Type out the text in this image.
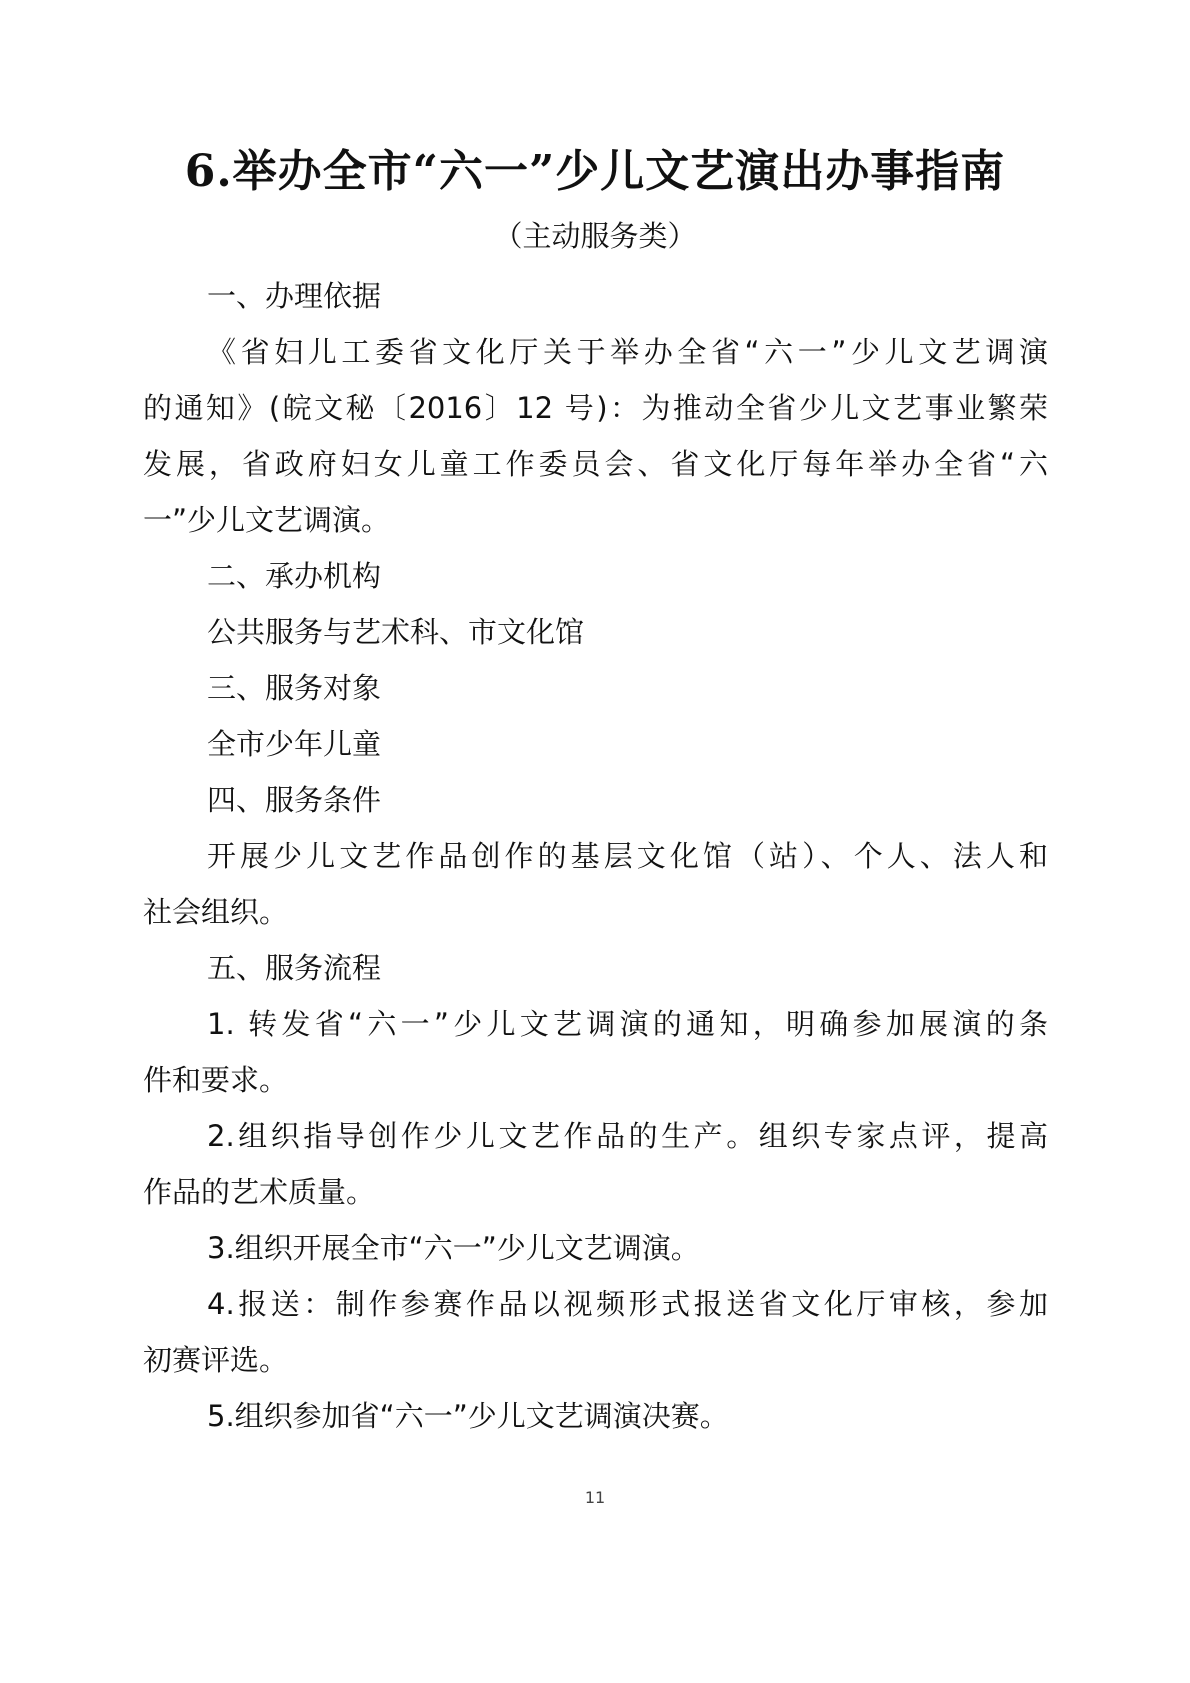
6.举办全市“六一”少儿文艺演出办事指南
（主动服务类）
一、办理依据
《省妇儿工委省文化厅关于举办全省“六一”少儿文艺调演
的通知》(皖文秘〔2016〕12 号)：为推动全省少儿文艺事业繁荣
发展，省政府妇女儿童工作委员会、省文化厅每年举办全省“六
一”少儿文艺调演。
二、承办机构
公共服务与艺术科、市文化馆
三、服务对象
全市少年儿童
四、服务条件
开展少儿文艺作品创作的基层文化馆（站）、个人、法人和
社会组织。
五、服务流程
1. 转发省“六一”少儿文艺调演的通知，明确参加展演的条
件和要求。
2.组织指导创作少儿文艺作品的生产。组织专家点评，提高
作品的艺术质量。
3.组织开展全市“六一”少儿文艺调演。
4.报送：制作参赛作品以视频形式报送省文化厅审核，参加
初赛评选。
5.组织参加省“六一”少儿文艺调演决赛。
11
